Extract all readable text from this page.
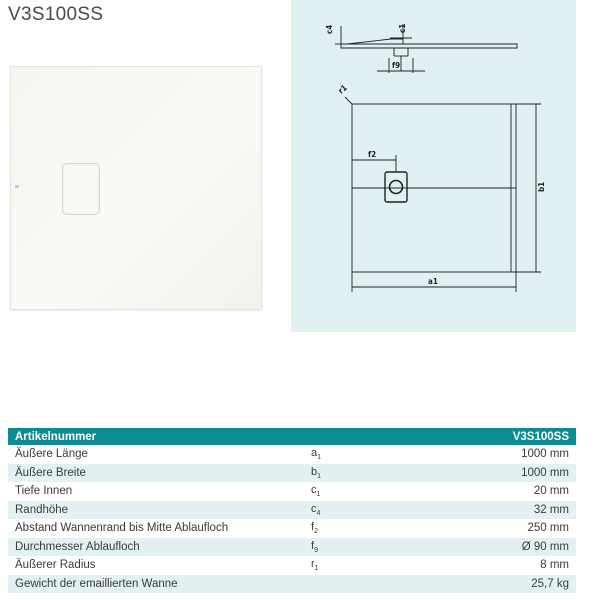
V3S100SS
c4	c1
f9
r1
f2
b1
a1
Artikelnummer		V3S100SS
Äußere Länge	$a_1$	1000 mm
Äußere Breite	$b_1$	1000 mm
Tiefe Innen	$c_1$	20 mm
Randhöhe	$c_4$	32 mm
Abstand Wannenrand bis Mitte Ablaufloch	$f_2$	250 mm
Durchmesser Ablaufloch	$f_9$	Ø 90 mm
Äußerer Radius	$r_1$	8 mm
Gewicht der emaillierten Wanne		25,7 kg
